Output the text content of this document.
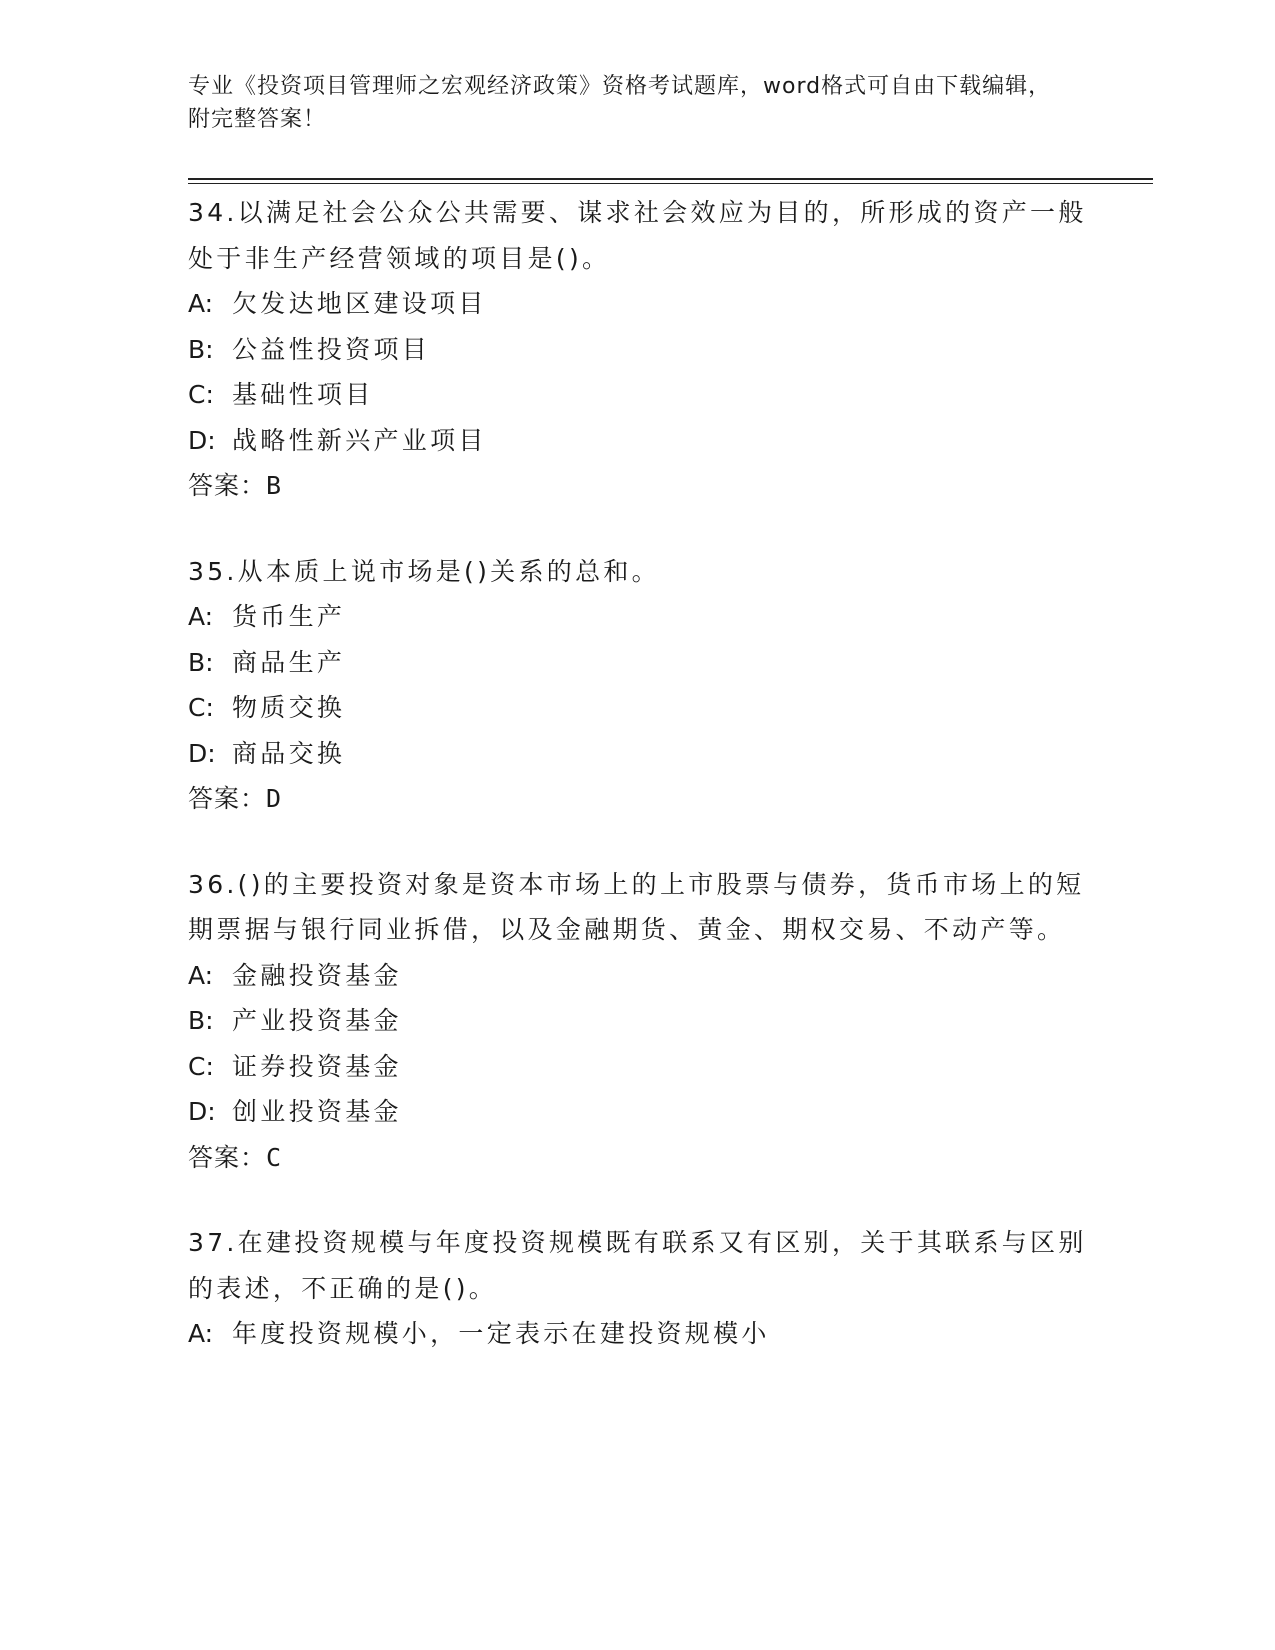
专业《投资项目管理师之宏观经济政策》资格考试题库，word格式可自由下载编辑，附完整答案！

34.以满足社会公众公共需要、谋求社会效应为目的，所形成的资产一般处于非生产经营领域的项目是()。

A: 欠发达地区建设项目

B: 公益性投资项目

C: 基础性项目

D: 战略性新兴产业项目

答案：B

35.从本质上说市场是()关系的总和。

A: 货币生产

B: 商品生产

C: 物质交换

D: 商品交换

答案：D

36.()的主要投资对象是资本市场上的上市股票与债券，货币市场上的短期票据与银行同业拆借，以及金融期货、黄金、期权交易、不动产等。

A: 金融投资基金

B: 产业投资基金

C: 证券投资基金

D: 创业投资基金

答案：C

37.在建投资规模与年度投资规模既有联系又有区别，关于其联系与区别的表述，不正确的是()。

A: 年度投资规模小，一定表示在建投资规模小
